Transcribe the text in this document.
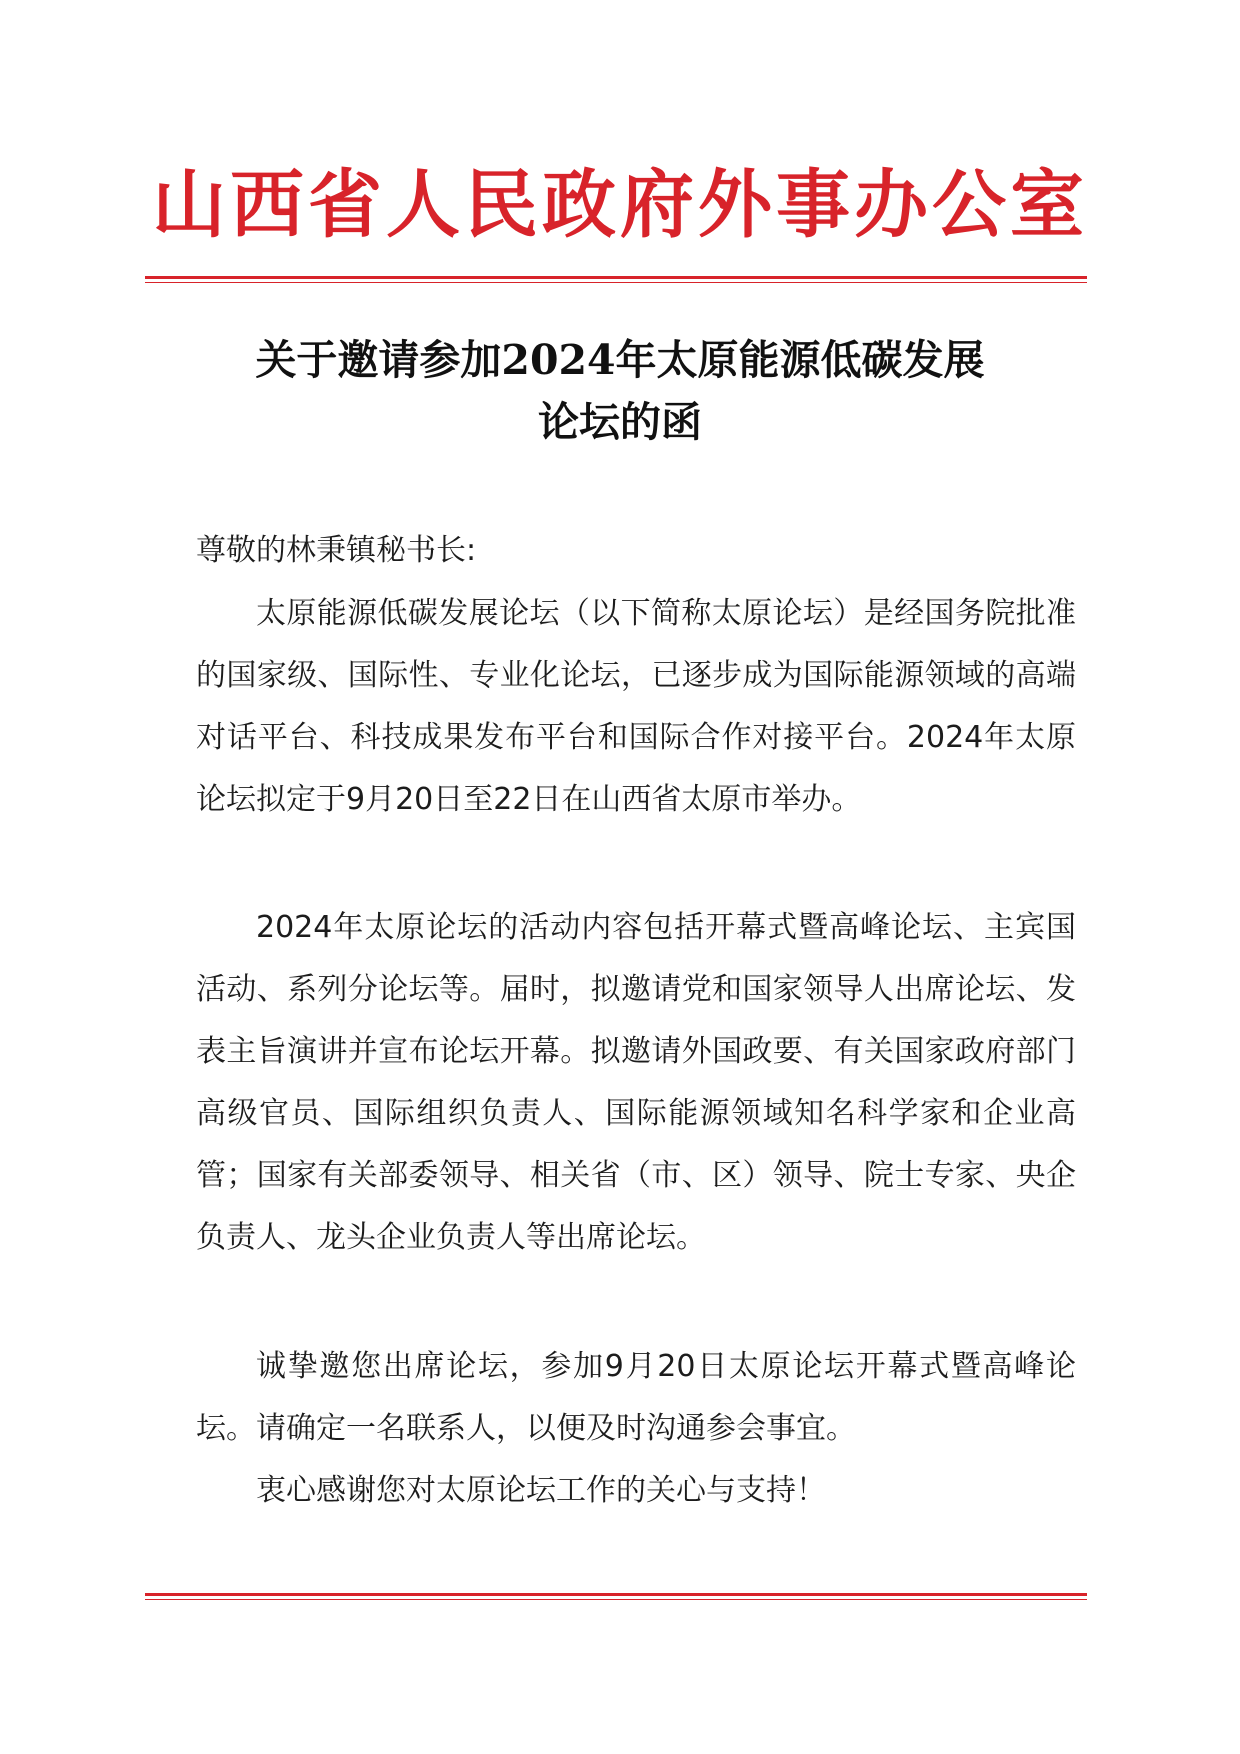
山西省人民政府外事办公室
关于邀请参加2024年太原能源低碳发展
论坛的函

尊敬的林秉镇秘书长:

太原能源低碳发展论坛（以下简称太原论坛）是经国务院批准的国家级、国际性、专业化论坛，已逐步成为国际能源领域的高端对话平台、科技成果发布平台和国际合作对接平台。2024年太原论坛拟定于9月20日至22日在山西省太原市举办。

2024年太原论坛的活动内容包括开幕式暨高峰论坛、主宾国活动、系列分论坛等。届时，拟邀请党和国家领导人出席论坛、发表主旨演讲并宣布论坛开幕。拟邀请外国政要、有关国家政府部门高级官员、国际组织负责人、国际能源领域知名科学家和企业高管；国家有关部委领导、相关省（市、区）领导、院士专家、央企负责人、龙头企业负责人等出席论坛。

诚挚邀您出席论坛，参加9月20日太原论坛开幕式暨高峰论坛。请确定一名联系人，以便及时沟通参会事宜。

衷心感谢您对太原论坛工作的关心与支持！
